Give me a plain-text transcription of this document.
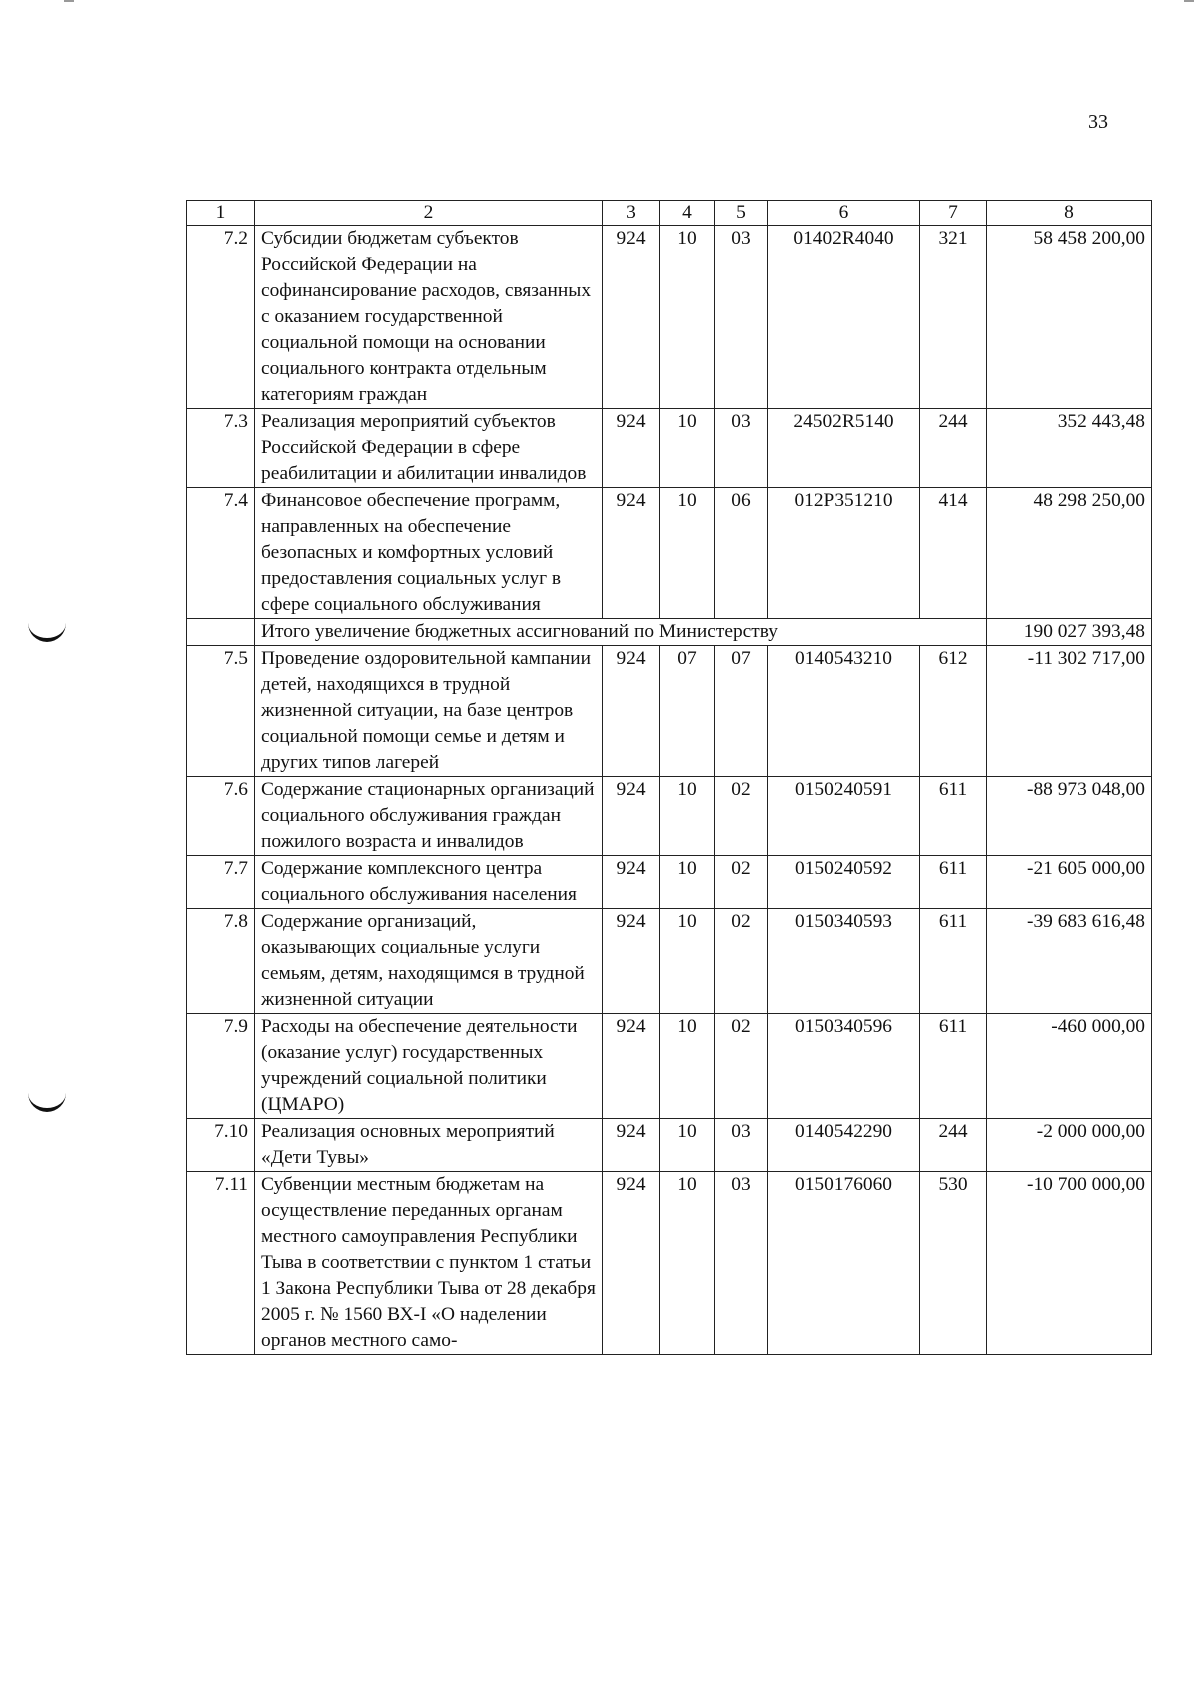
33
1	2	3	4	5	6	7	8
7.2	Субсидии бюджетам субъектов Российской Федерации на софинансирование расходов, связанных с оказанием государственной социальной помощи на основании социального контракта отдельным категориям граждан	924	10	03	01402R4040	321	58 458 200,00
7.3	Реализация мероприятий субъектов Российской Федерации в сфере реабилитации и абилитации инвалидов	924	10	03	24502R5140	244	352 443,48
7.4	Финансовое обеспечение программ, направленных на обеспечение безопасных и комфортных условий предоставления социальных услуг в сфере социального обслуживания	924	10	06	012P351210	414	48 298 250,00
	Итого увеличение бюджетных ассигнований по Министерству						190 027 393,48
7.5	Проведение оздоровительной кампании детей, находящихся в трудной жизненной ситуации, на базе центров социальной помощи семье и детям и других типов лагерей	924	07	07	0140543210	612	-11 302 717,00
7.6	Содержание стационарных организаций социального обслуживания граждан пожилого возраста и инвалидов	924	10	02	0150240591	611	-88 973 048,00
7.7	Содержание комплексного центра социального обслуживания населения	924	10	02	0150240592	611	-21 605 000,00
7.8	Содержание организаций, оказывающих социальные услуги семьям, детям, находящимся в трудной жизненной ситуации	924	10	02	0150340593	611	-39 683 616,48
7.9	Расходы на обеспечение деятельности (оказание услуг) государственных учреждений социальной политики (ЦМАРО)	924	10	02	0150340596	611	-460 000,00
7.10	Реализация основных мероприятий «Дети Тувы»	924	10	03	0140542290	244	-2 000 000,00
7.11	Субвенции местным бюджетам на осуществление переданных органам местного самоуправления Республики Тыва в соответствии с пунктом 1 статьи 1 Закона Республики Тыва от 28 декабря 2005 г. № 1560 ВХ-I «О наделении органов местного само-	924	10	03	0150176060	530	-10 700 000,00
